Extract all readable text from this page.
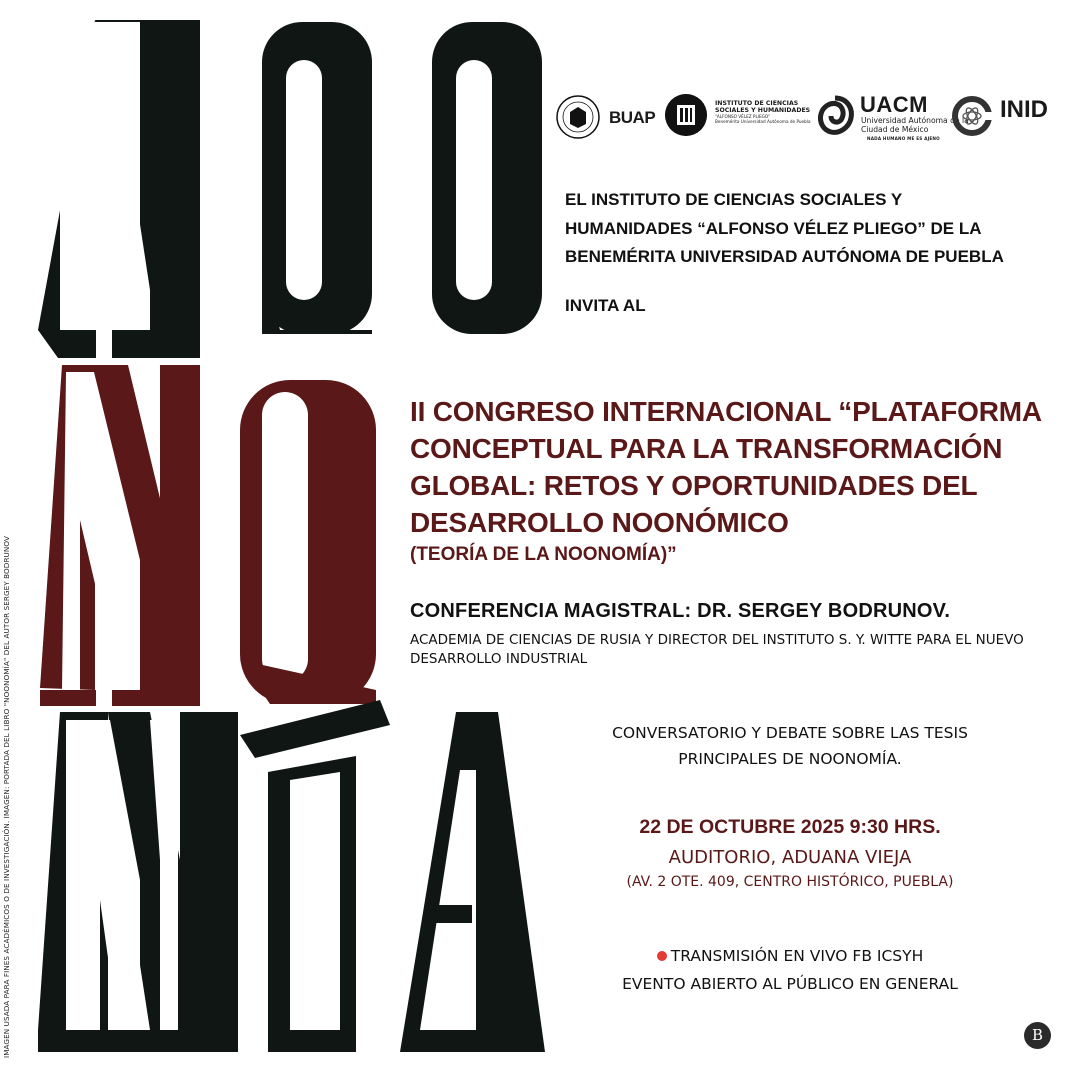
IMAGEN USADA PARA FINES ACADÉMICOS O DE INVESTIGACIÓN. IMAGEN: PORTADA DEL LIBRO "NOONOMÍA" DEL AUTOR SERGEY BODRUNOV
BUAP
INSTITUTO DE CIENCIAS
SOCIALES Y HUMANIDADES

"ALFONSO VÉLEZ PLIEGO"
Benemérita Universidad Autónoma de Puebla
UACM
Universidad Autónoma de la Ciudad de México
NADA HUMANO ME ES AJENO
INID
EL INSTITUTO DE CIENCIAS SOCIALES Y
HUMANIDADES “ALFONSO VÉLEZ PLIEGO” DE LA
BENEMÉRITA UNIVERSIDAD AUTÓNOMA DE PUEBLA
INVITA AL
II CONGRESO INTERNACIONAL “PLATAFORMA
CONCEPTUAL PARA LA TRANSFORMACIÓN
GLOBAL: RETOS Y OPORTUNIDADES DEL
DESARROLLO NOONÓMICO
(TEORÍA DE LA NOONOMÍA)”
CONFERENCIA MAGISTRAL: DR. SERGEY BODRUNOV.
ACADEMIA DE CIENCIAS DE RUSIA Y DIRECTOR DEL INSTITUTO S. Y. WITTE PARA EL NUEVO
DESARROLLO INDUSTRIAL
CONVERSATORIO Y DEBATE SOBRE LAS TESIS
PRINCIPALES DE NOONOMÍA.
22 DE OCTUBRE 2025 9:30 HRS.
AUDITORIO, ADUANA VIEJA
(AV. 2 OTE. 409, CENTRO HISTÓRICO, PUEBLA)
TRANSMISIÓN EN VIVO FB ICSYH
EVENTO ABIERTO AL PÚBLICO EN GENERAL
B
